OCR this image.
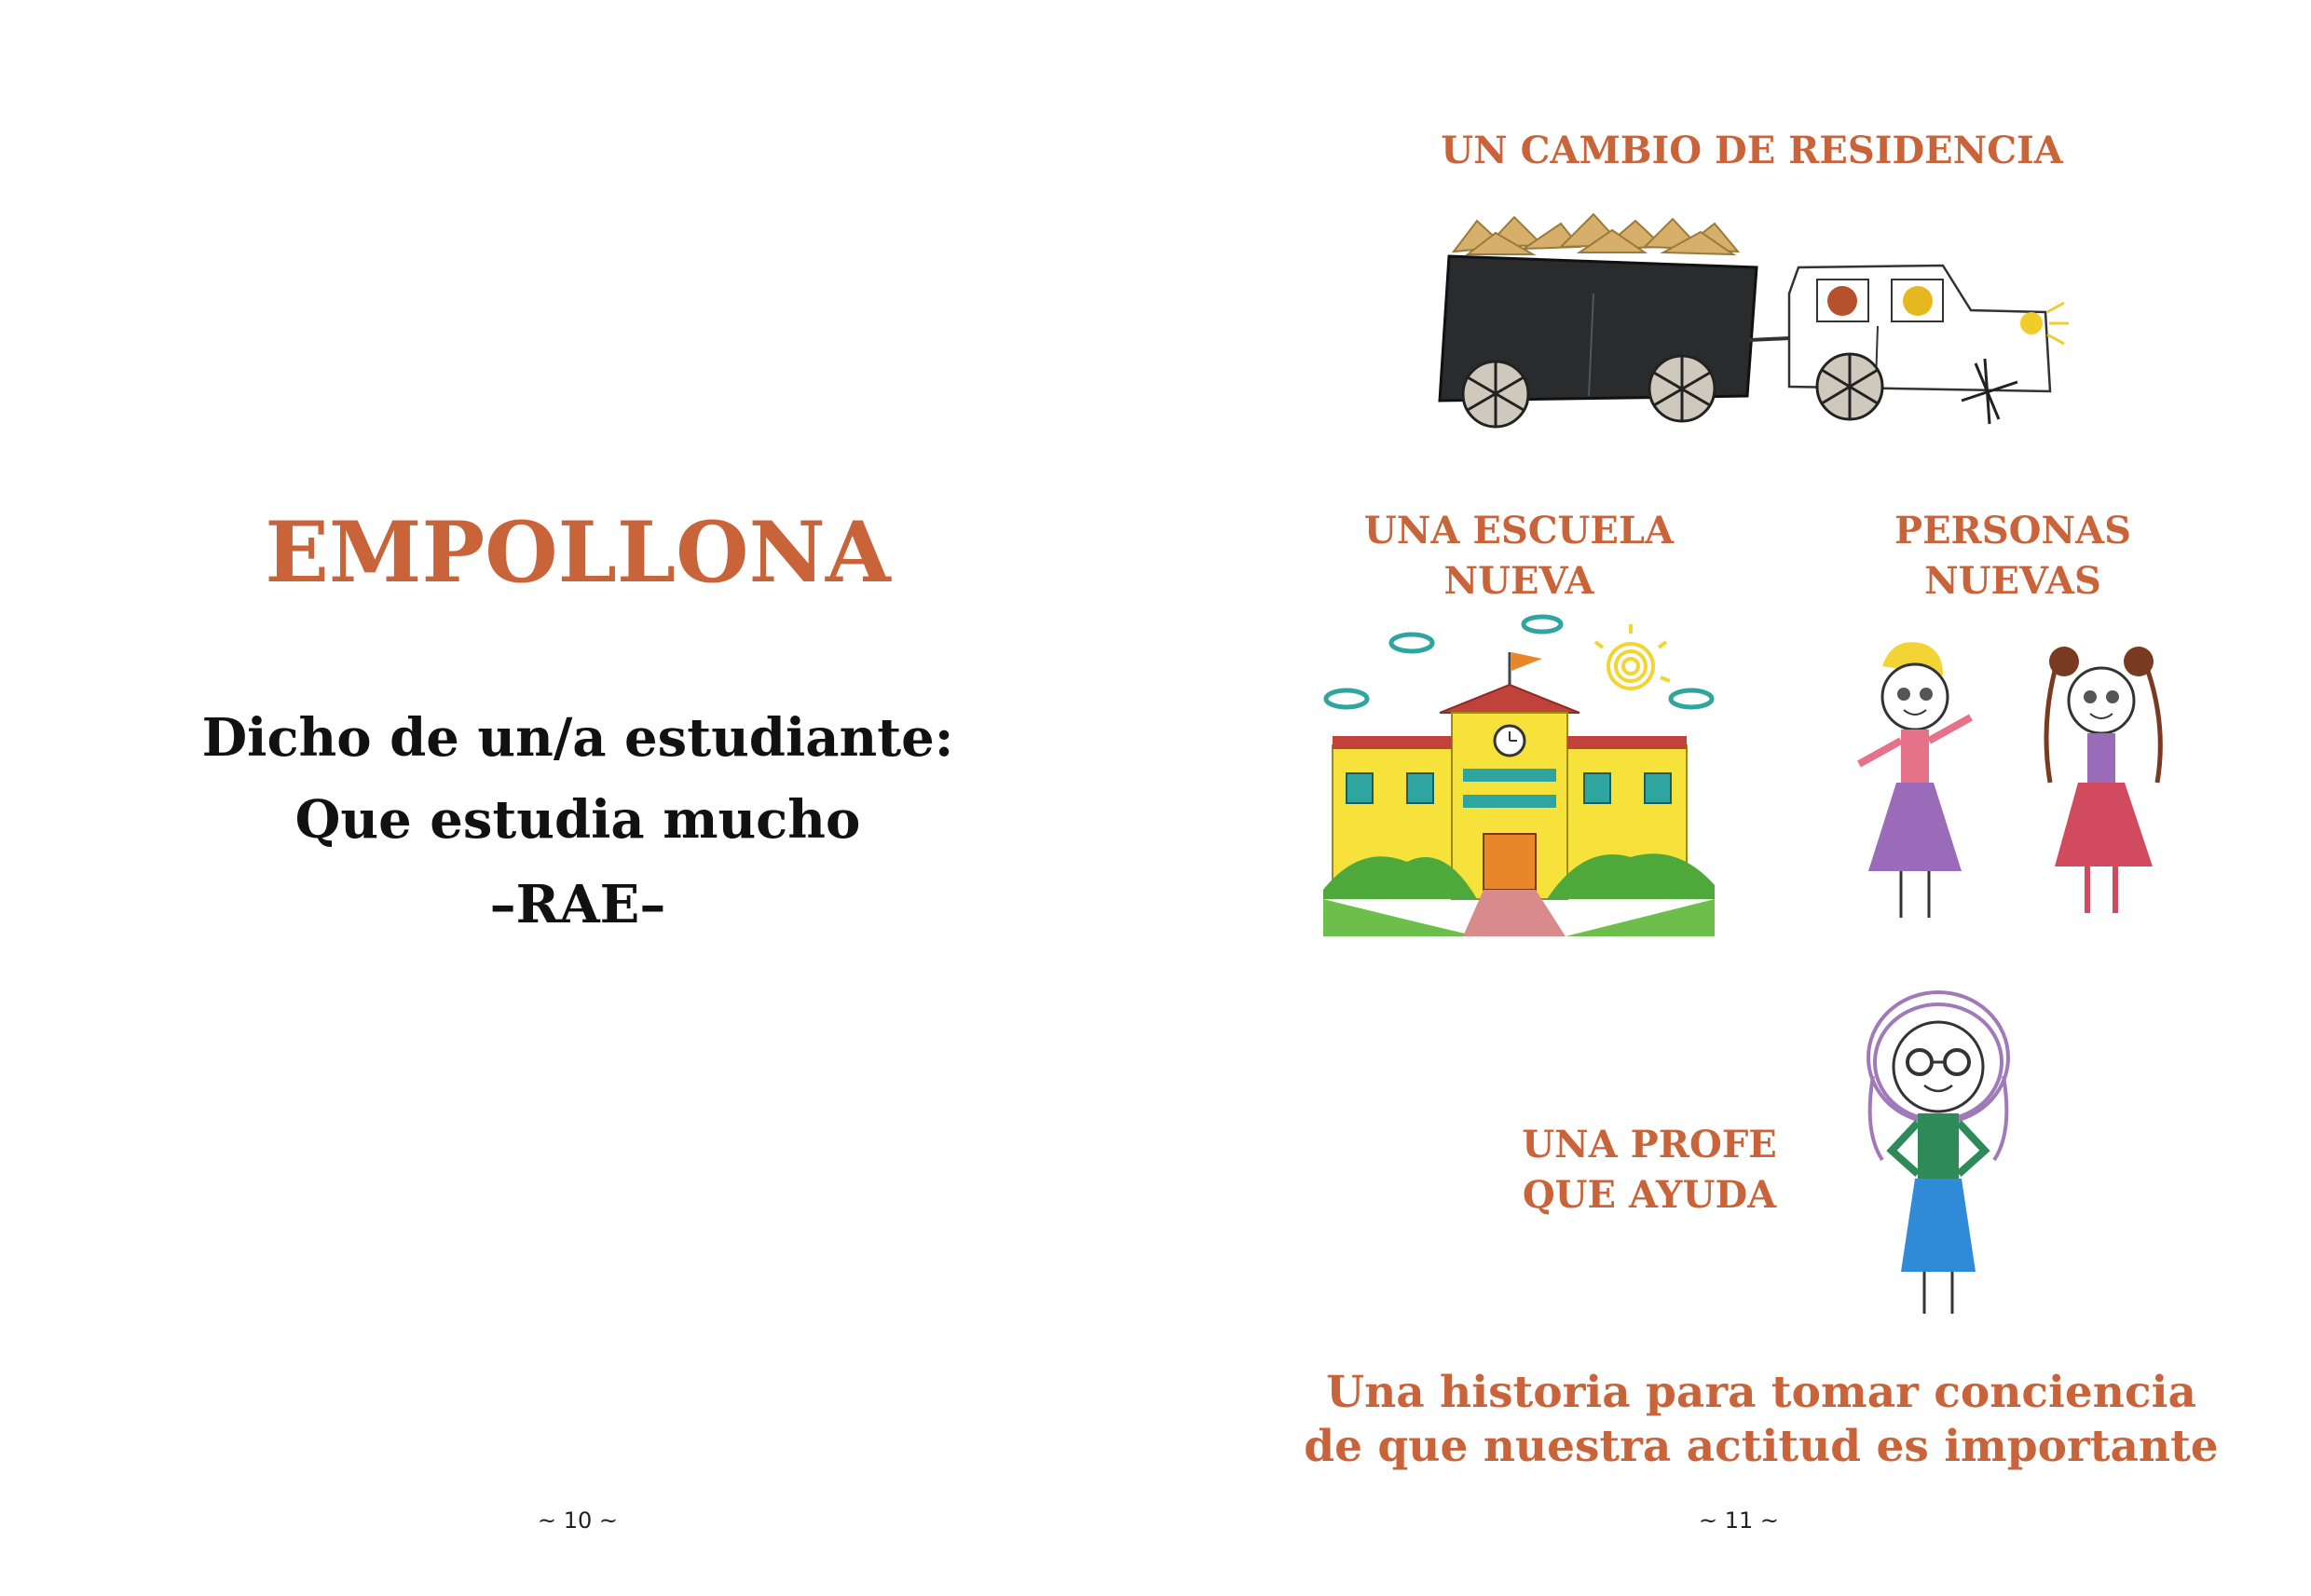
EMPOLLONA
Dicho de un/a estudiante:
Que estudia mucho
–RAE–
~ 10 ~
UN CAMBIO DE RESIDENCIA
UNA ESCUELA
NUEVA
PERSONAS
NUEVAS
UNA PROFE
QUE AYUDA
Una historia para tomar conciencia
de que nuestra actitud es importante
~ 11 ~
